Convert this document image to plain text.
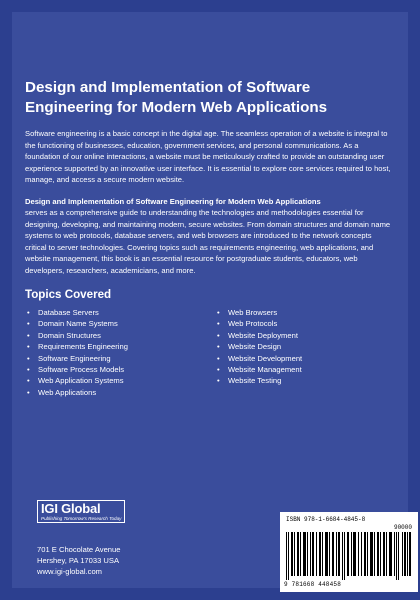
Design and Implementation of Software Engineering for Modern Web Applications

Software engineering is a basic concept in the digital age. The seamless operation of a website is integral to the functioning of businesses, education, government services, and personal communications. As a foundation of our online interactions, a website must be meticulously crafted to provide an outstanding user experience supported by an innovative user interface. It is essential to explore core services required to host, manage, and access a secure modern website.

Design and Implementation of Software Engineering for Modern Web Applications
serves as a comprehensive guide to understanding the technologies and methodologies essential for designing, developing, and maintaining modern, secure websites. From domain structures and domain name systems to web protocols, database servers, and web browsers are introduced to the network concepts critical to server technologies. Covering topics such as requirements engineering, web applications, and website management, this book is an essential resource for postgraduate students, educators, web developers, researchers, academicians, and more.

Topics Covered
• Database Servers
• Domain Name Systems
• Domain Structures
• Requirements Engineering
• Software Engineering
• Software Process Models
• Web Application Systems
• Web Applications
• Web Browsers
• Web Protocols
• Website Deployment
• Website Design
• Website Development
• Website Management
• Website Testing
IGI Global
Publishing Tomorrow's Research Today
701 E Chocolate Avenue
Hershey, PA 17033 USA
www.igi-global.com
ISBN 978-1-6684-4845-8
90000
9 781668 448458
